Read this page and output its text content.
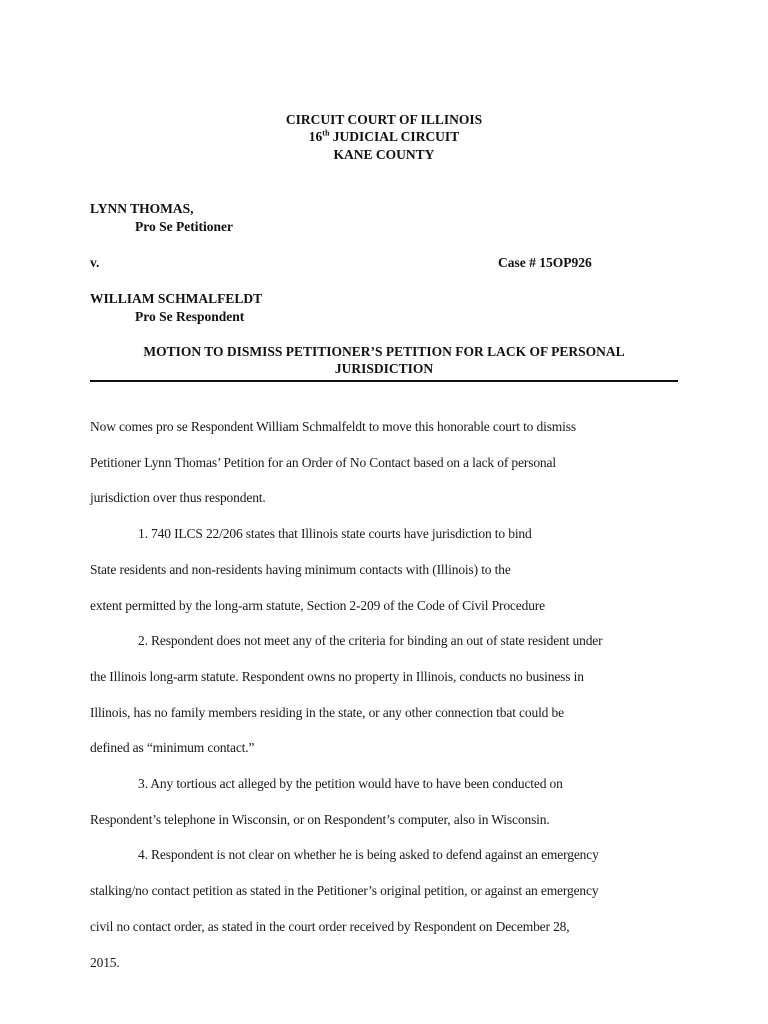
CIRCUIT COURT OF ILLINOIS
16th JUDICIAL CIRCUIT
KANE COUNTY
LYNN THOMAS,
Pro Se Petitioner
v.	Case # 15OP926
WILLIAM SCHMALFELDT
Pro Se Respondent
MOTION TO DISMISS PETITIONER’S PETITION FOR LACK OF PERSONAL
JURISDICTION
Now comes pro se Respondent William Schmalfeldt to move this honorable court to dismiss
Petitioner Lynn Thomas’ Petition for an Order of No Contact based on a lack of personal
jurisdiction over thus respondent.
1. 740 ILCS 22/206 states that Illinois state courts have jurisdiction to bind
State residents and non-residents having minimum contacts with (Illinois) to the
extent permitted by the long-arm statute, Section 2-209 of the Code of Civil Procedure
2. Respondent does not meet any of the criteria for binding an out of state resident under
the Illinois long-arm statute. Respondent owns no property in Illinois, conducts no business in
Illinois, has no family members residing in the state, or any other connection tbat could be
defined as “minimum contact.”
3. Any tortious act alleged by the petition would have to have been conducted on
Respondent’s telephone in Wisconsin, or on Respondent’s computer, also in Wisconsin.
4. Respondent is not clear on whether he is being asked to defend against an emergency
stalking/no contact petition as stated in the Petitioner’s original petition, or against an emergency
civil no contact order, as stated in the court order received by Respondent on December 28,
2015.
